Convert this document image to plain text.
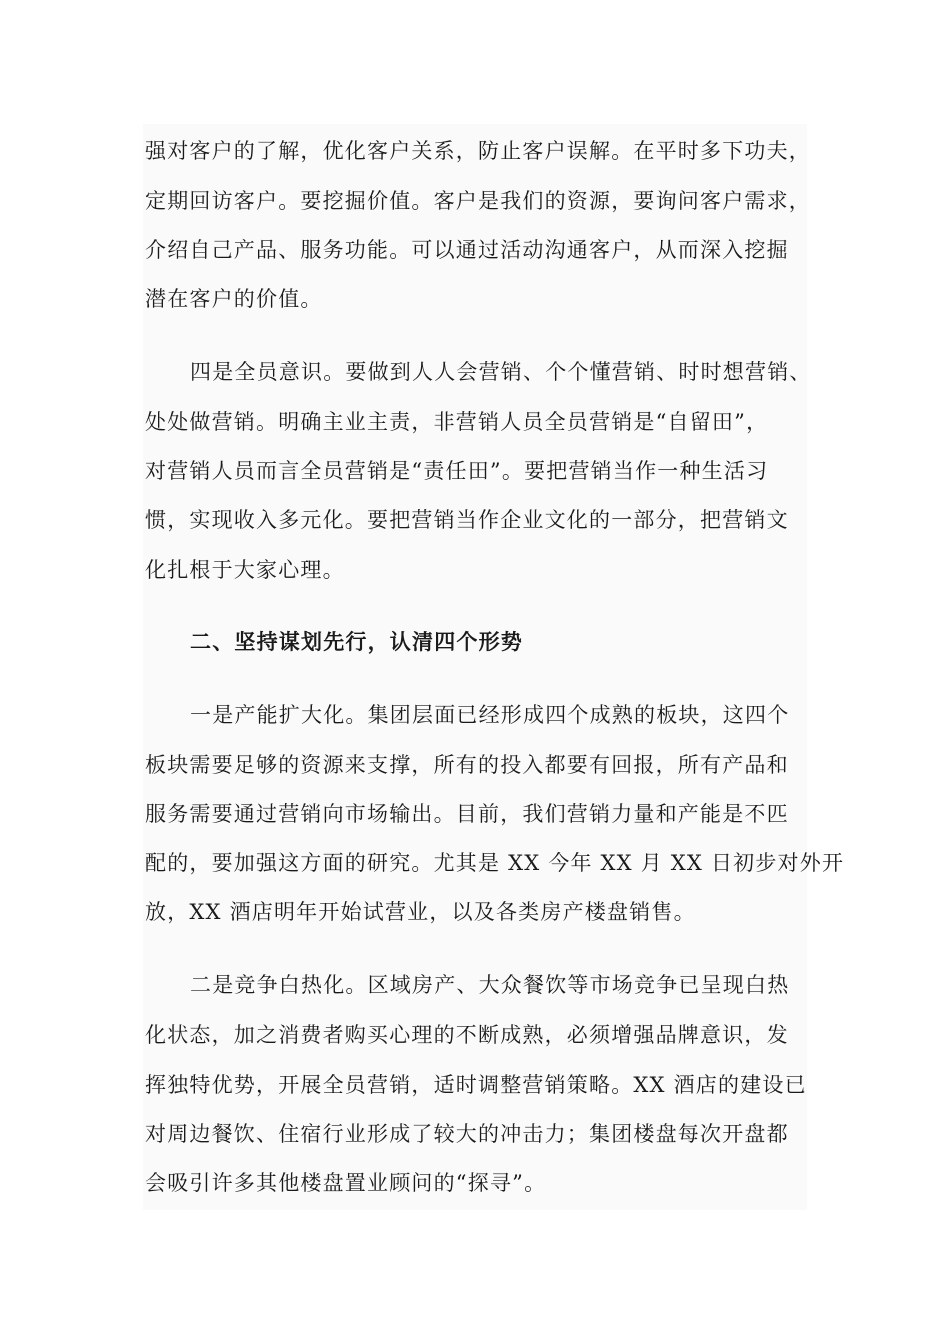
强对客户的了解，优化客户关系，防止客户误解。在平时多下功夫，
定期回访客户。要挖掘价值。客户是我们的资源，要询问客户需求，
介绍自己产品、服务功能。可以通过活动沟通客户，从而深入挖掘
潜在客户的价值。
四是全员意识。要做到人人会营销、个个懂营销、时时想营销、
处处做营销。明确主业主责，非营销人员全员营销是“自留田”，
对营销人员而言全员营销是“责任田”。要把营销当作一种生活习
惯，实现收入多元化。要把营销当作企业文化的一部分，把营销文
化扎根于大家心理。
二、坚持谋划先行，认清四个形势
一是产能扩大化。集团层面已经形成四个成熟的板块，这四个
板块需要足够的资源来支撑，所有的投入都要有回报，所有产品和
服务需要通过营销向市场输出。目前，我们营销力量和产能是不匹
配的，要加强这方面的研究。尤其是 XX 今年 XX 月 XX 日初步对外开
放，XX 酒店明年开始试营业，以及各类房产楼盘销售。
二是竞争白热化。区域房产、大众餐饮等市场竞争已呈现白热
化状态，加之消费者购买心理的不断成熟，必须增强品牌意识，发
挥独特优势，开展全员营销，适时调整营销策略。XX 酒店的建设已
对周边餐饮、住宿行业形成了较大的冲击力；集团楼盘每次开盘都
会吸引许多其他楼盘置业顾问的“探寻”。
